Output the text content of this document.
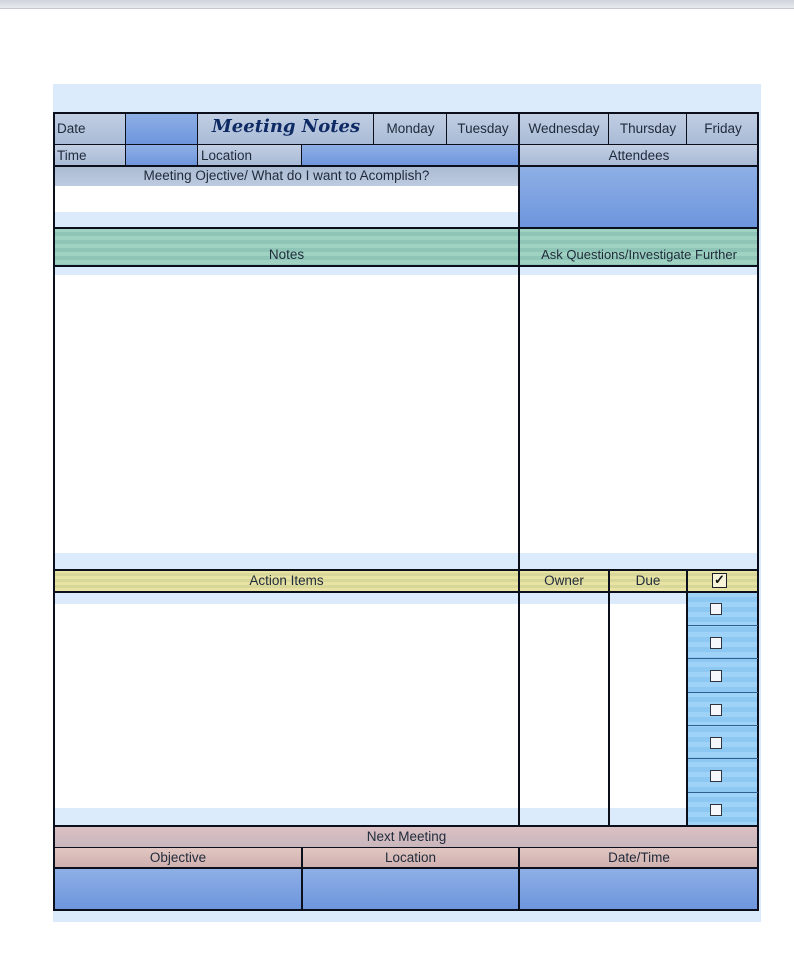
Date	Meeting Notes	Monday	Tuesday	Wednesday	Thursday	Friday
Time	Location	Attendees
Meeting Ojective/ What do I want to Acomplish?
Notes	Ask Questions/Investigate Further
Action Items	Owner	Due	✓
Next Meeting
Objective	Location	Date/Time
